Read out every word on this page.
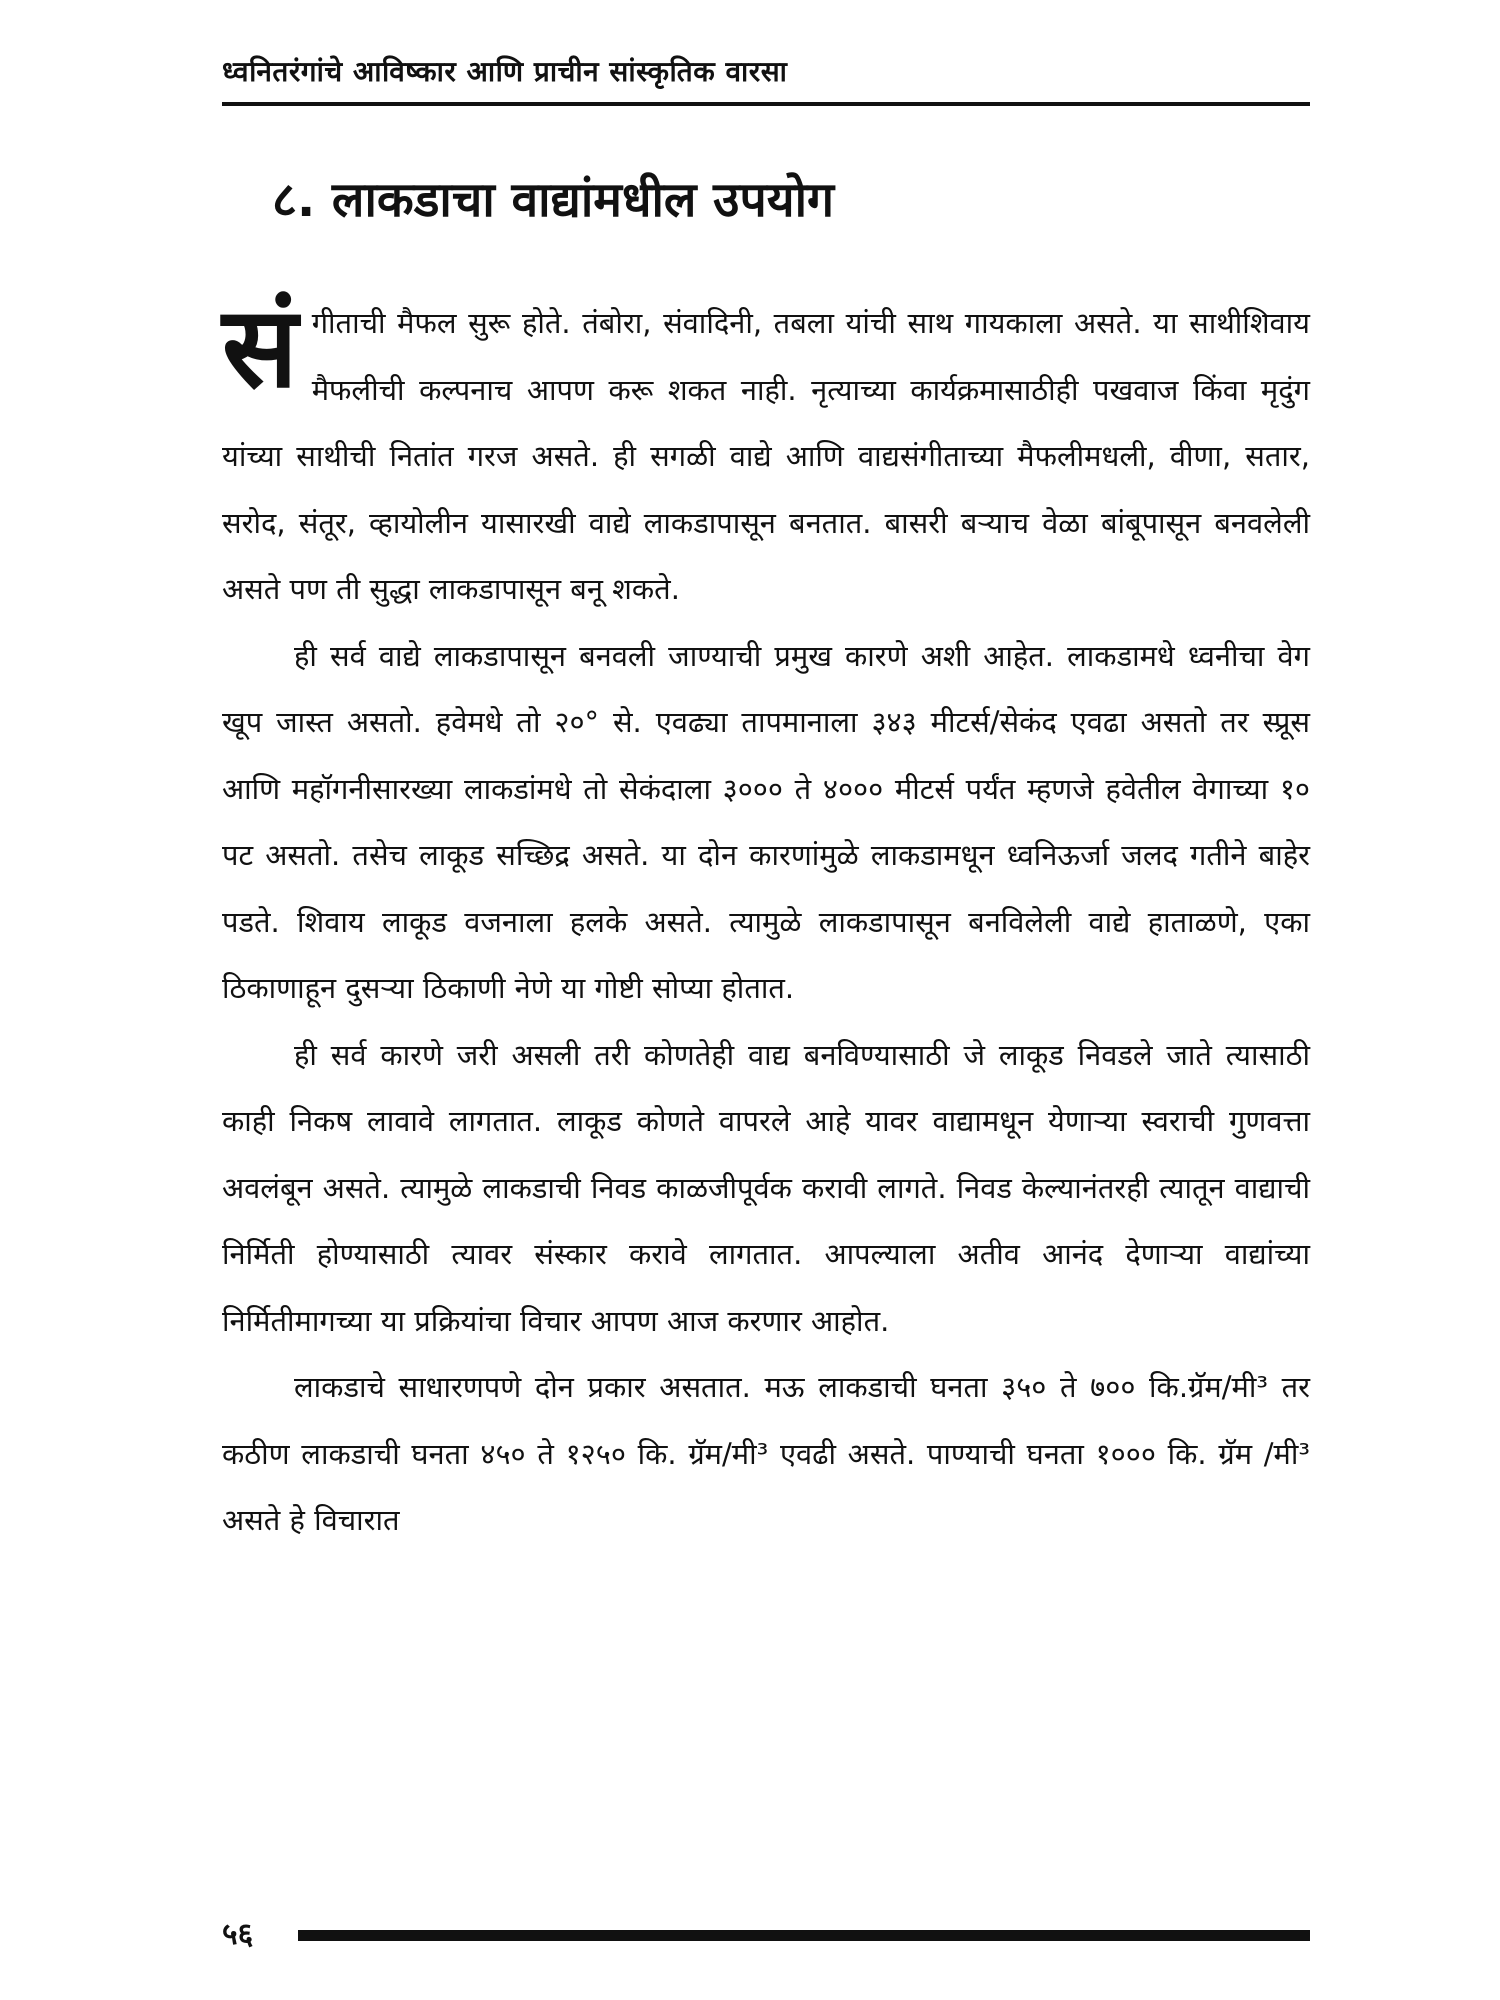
ध्वनितरंगांचे आविष्कार आणि प्राचीन सांस्कृतिक वारसा
८. लाकडाचा वाद्यांमधील उपयोग

संगीताची मैफल सुरू होते. तंबोरा, संवादिनी, तबला यांची साथ गायकाला असते. या साथीशिवाय मैफलीची कल्पनाच आपण करू शकत नाही. नृत्याच्या कार्यक्रमासाठीही पखवाज किंवा मृदुंग यांच्या साथीची नितांत गरज असते. ही सगळी वाद्ये आणि वाद्यसंगीताच्या मैफलीमधली, वीणा, सतार, सरोद, संतूर, व्हायोलीन यासारखी वाद्ये लाकडापासून बनतात. बासरी बऱ्याच वेळा बांबूपासून बनवलेली असते पण ती सुद्धा लाकडापासून बनू शकते.

ही सर्व वाद्ये लाकडापासून बनवली जाण्याची प्रमुख कारणे अशी आहेत. लाकडामधे ध्वनीचा वेग खूप जास्त असतो. हवेमधे तो २०° से. एवढ्या तापमानाला ३४३ मीटर्स/सेकंद एवढा असतो तर स्प्रूस आणि महॉगनीसारख्या लाकडांमधे तो सेकंदाला ३००० ते ४००० मीटर्स पर्यंत म्हणजे हवेतील वेगाच्या १० पट असतो. तसेच लाकूड सच्छिद्र असते. या दोन कारणांमुळे लाकडामधून ध्वनिऊर्जा जलद गतीने बाहेर पडते. शिवाय लाकूड वजनाला हलके असते. त्यामुळे लाकडापासून बनविलेली वाद्ये हाताळणे, एका ठिकाणाहून दुसऱ्या ठिकाणी नेणे या गोष्टी सोप्या होतात.

ही सर्व कारणे जरी असली तरी कोणतेही वाद्य बनविण्यासाठी जे लाकूड निवडले जाते त्यासाठी काही निकष लावावे लागतात. लाकूड कोणते वापरले आहे यावर वाद्यामधून येणाऱ्या स्वराची गुणवत्ता अवलंबून असते. त्यामुळे लाकडाची निवड काळजीपूर्वक करावी लागते. निवड केल्यानंतरही त्यातून वाद्याची निर्मिती होण्यासाठी त्यावर संस्कार करावे लागतात. आपल्याला अतीव आनंद देणाऱ्या वाद्यांच्या निर्मितीमागच्या या प्रक्रियांचा विचार आपण आज करणार आहोत.

लाकडाचे साधारणपणे दोन प्रकार असतात. मऊ लाकडाची घनता ३५० ते ७०० कि.ग्रॅम/मी³ तर कठीण लाकडाची घनता ४५० ते १२५० कि. ग्रॅम/मी³ एवढी असते. पाण्याची घनता १००० कि. ग्रॅम /मी³ असते हे विचारात

५६
